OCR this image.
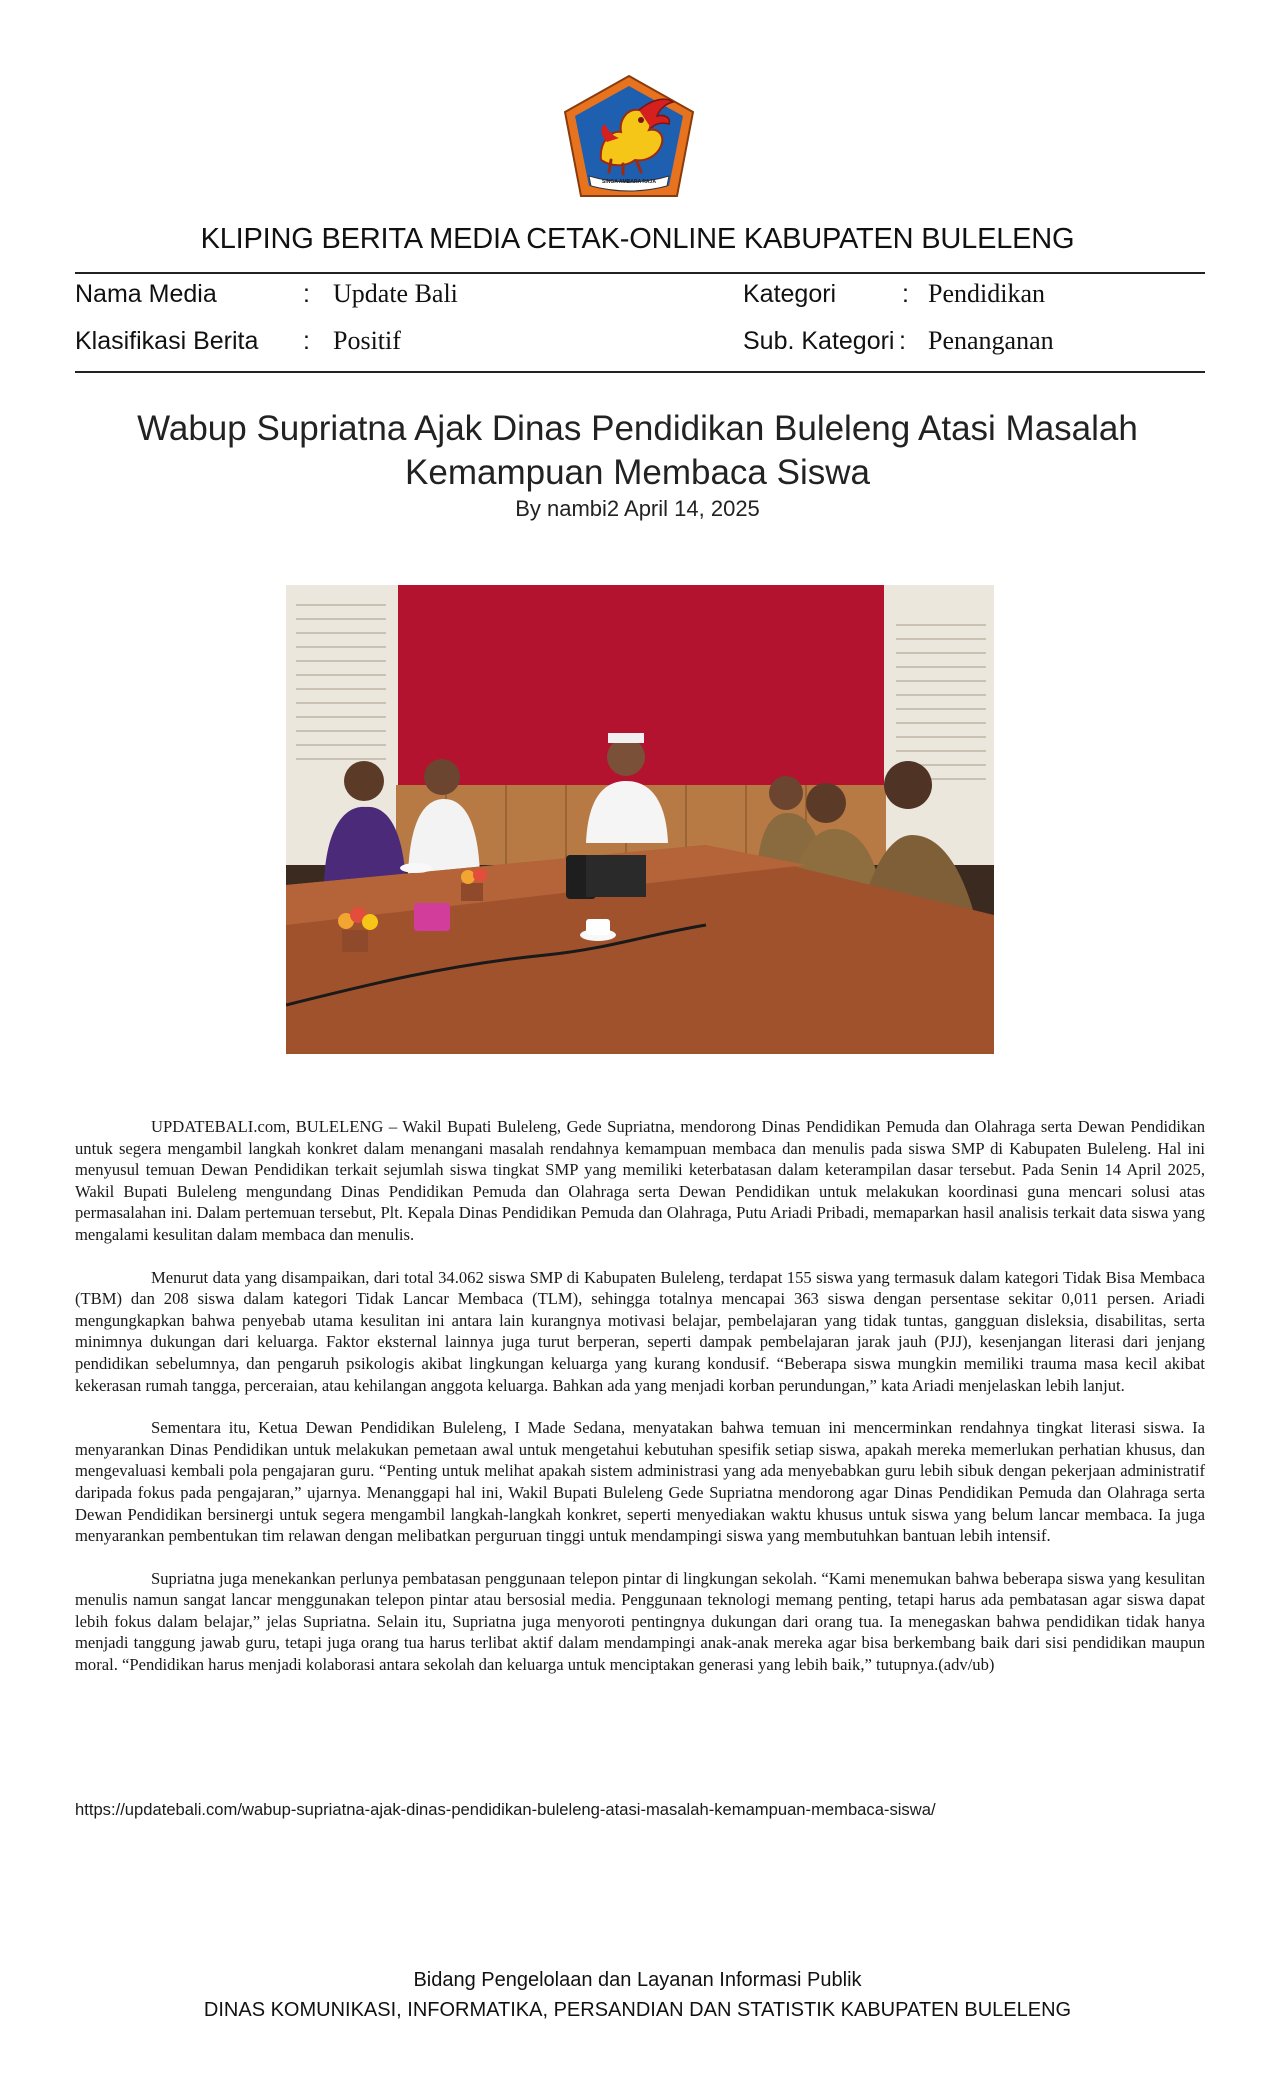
SINGA AMBARA RAJA
KLIPING BERITA MEDIA CETAK-ONLINE KABUPATEN BULELENG
Nama Media	: Update Bali
Klasifikasi Berita : Positif
Kategori	: Pendidikan
Sub. Kategori : Penanganan
Wabup Supriatna Ajak Dinas Pendidikan Buleleng Atasi Masalah Kemampuan Membaca Siswa
By nambi2 April 14, 2025

UPDATEBALI.com, BULELENG – Wakil Bupati Buleleng, Gede Supriatna, mendorong Dinas Pendidikan Pemuda dan Olahraga serta Dewan Pendidikan untuk segera mengambil langkah konkret dalam menangani masalah rendahnya kemampuan membaca dan menulis pada siswa SMP di Kabupaten Buleleng. Hal ini menyusul temuan Dewan Pendidikan terkait sejumlah siswa tingkat SMP yang memiliki keterbatasan dalam keterampilan dasar tersebut. Pada Senin 14 April 2025, Wakil Bupati Buleleng mengundang Dinas Pendidikan Pemuda dan Olahraga serta Dewan Pendidikan untuk melakukan koordinasi guna mencari solusi atas permasalahan ini. Dalam pertemuan tersebut, Plt. Kepala Dinas Pendidikan Pemuda dan Olahraga, Putu Ariadi Pribadi, memaparkan hasil analisis terkait data siswa yang mengalami kesulitan dalam membaca dan menulis.

Menurut data yang disampaikan, dari total 34.062 siswa SMP di Kabupaten Buleleng, terdapat 155 siswa yang termasuk dalam kategori Tidak Bisa Membaca (TBM) dan 208 siswa dalam kategori Tidak Lancar Membaca (TLM), sehingga totalnya mencapai 363 siswa dengan persentase sekitar 0,011 persen. Ariadi mengungkapkan bahwa penyebab utama kesulitan ini antara lain kurangnya motivasi belajar, pembelajaran yang tidak tuntas, gangguan disleksia, disabilitas, serta minimnya dukungan dari keluarga. Faktor eksternal lainnya juga turut berperan, seperti dampak pembelajaran jarak jauh (PJJ), kesenjangan literasi dari jenjang pendidikan sebelumnya, dan pengaruh psikologis akibat lingkungan keluarga yang kurang kondusif. “Beberapa siswa mungkin memiliki trauma masa kecil akibat kekerasan rumah tangga, perceraian, atau kehilangan anggota keluarga. Bahkan ada yang menjadi korban perundungan,” kata Ariadi menjelaskan lebih lanjut.

Sementara itu, Ketua Dewan Pendidikan Buleleng, I Made Sedana, menyatakan bahwa temuan ini mencerminkan rendahnya tingkat literasi siswa. Ia menyarankan Dinas Pendidikan untuk melakukan pemetaan awal untuk mengetahui kebutuhan spesifik setiap siswa, apakah mereka memerlukan perhatian khusus, dan mengevaluasi kembali pola pengajaran guru. “Penting untuk melihat apakah sistem administrasi yang ada menyebabkan guru lebih sibuk dengan pekerjaan administratif daripada fokus pada pengajaran,” ujarnya. Menanggapi hal ini, Wakil Bupati Buleleng Gede Supriatna mendorong agar Dinas Pendidikan Pemuda dan Olahraga serta Dewan Pendidikan bersinergi untuk segera mengambil langkah-langkah konkret, seperti menyediakan waktu khusus untuk siswa yang belum lancar membaca. Ia juga menyarankan pembentukan tim relawan dengan melibatkan perguruan tinggi untuk mendampingi siswa yang membutuhkan bantuan lebih intensif.

Supriatna juga menekankan perlunya pembatasan penggunaan telepon pintar di lingkungan sekolah. “Kami menemukan bahwa beberapa siswa yang kesulitan menulis namun sangat lancar menggunakan telepon pintar atau bersosial media. Penggunaan teknologi memang penting, tetapi harus ada pembatasan agar siswa dapat lebih fokus dalam belajar,” jelas Supriatna. Selain itu, Supriatna juga menyoroti pentingnya dukungan dari orang tua. Ia menegaskan bahwa pendidikan tidak hanya menjadi tanggung jawab guru, tetapi juga orang tua harus terlibat aktif dalam mendampingi anak-anak mereka agar bisa berkembang baik dari sisi pendidikan maupun moral. “Pendidikan harus menjadi kolaborasi antara sekolah dan keluarga untuk menciptakan generasi yang lebih baik,” tutupnya.(adv/ub)

https://updatebali.com/wabup-supriatna-ajak-dinas-pendidikan-buleleng-atasi-masalah-kemampuan-membaca-siswa/
Bidang Pengelolaan dan Layanan Informasi Publik
DINAS KOMUNIKASI, INFORMATIKA, PERSANDIAN DAN STATISTIK KABUPATEN BULELENG
